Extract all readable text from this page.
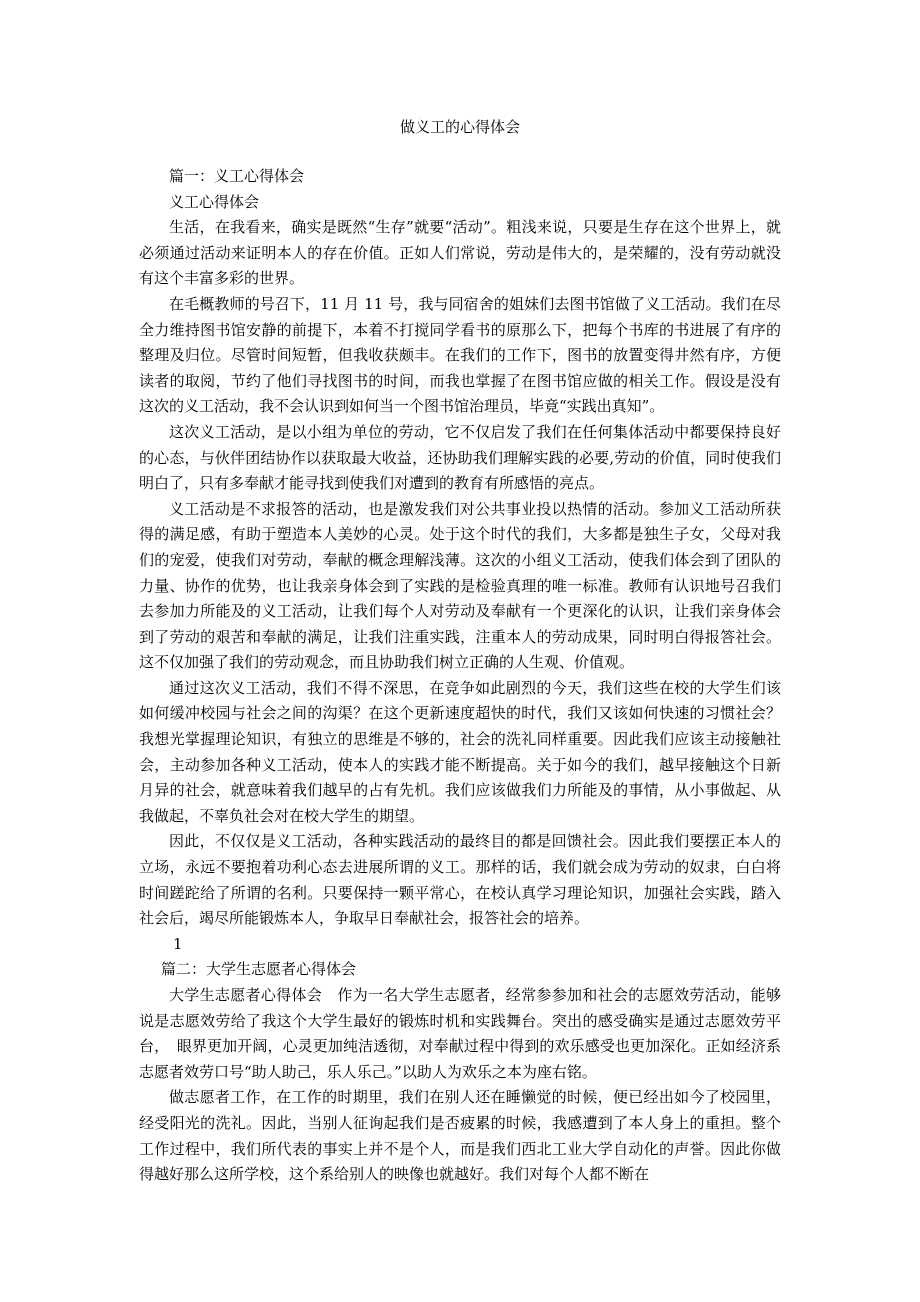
做义工的心得体会

篇一：义工心得体会

义工心得体会

生活，在我看来，确实是既然“生存”就要“活动”。粗浅来说，只要是生存在这个世界上，就必须通过活动来证明本人的存在价值。正如人们常说，劳动是伟大的，是荣耀的，没有劳动就没有这个丰富多彩的世界。

在毛概教师的号召下，11 月 11 号，我与同宿舍的姐妹们去图书馆做了义工活动。我们在尽全力维持图书馆安静的前提下，本着不打搅同学看书的原那么下，把每个书库的书进展了有序的整理及归位。尽管时间短暂，但我收获颇丰。在我们的工作下，图书的放置变得井然有序，方便读者的取阅，节约了他们寻找图书的时间，而我也掌握了在图书馆应做的相关工作。假设是没有这次的义工活动，我不会认识到如何当一个图书馆治理员，毕竟“实践出真知”。

这次义工活动，是以小组为单位的劳动，它不仅启发了我们在任何集体活动中都要保持良好的心态，与伙伴团结协作以获取最大收益，还协助我们理解实践的必要,劳动的价值，同时使我们明白了，只有多奉献才能寻找到使我们对遭到的教育有所感悟的亮点。

义工活动是不求报答的活动，也是激发我们对公共事业投以热情的活动。参加义工活动所获得的满足感，有助于塑造本人美妙的心灵。处于这个时代的我们，大多都是独生子女，父母对我们的宠爱，使我们对劳动，奉献的概念理解浅薄。这次的小组义工活动，使我们体会到了团队的力量、协作的优势，也让我亲身体会到了实践的是检验真理的唯一标准。教师有认识地号召我们去参加力所能及的义工活动，让我们每个人对劳动及奉献有一个更深化的认识，让我们亲身体会到了劳动的艰苦和奉献的满足，让我们注重实践，注重本人的劳动成果，同时明白得报答社会。这不仅加强了我们的劳动观念，而且协助我们树立正确的人生观、价值观。

通过这次义工活动，我们不得不深思，在竞争如此剧烈的今天，我们这些在校的大学生们该如何缓冲校园与社会之间的沟渠？在这个更新速度超快的时代，我们又该如何快速的习惯社会？我想光掌握理论知识，有独立的思维是不够的，社会的洗礼同样重要。因此我们应该主动接触社会，主动参加各种义工活动，使本人的实践才能不断提高。关于如今的我们，越早接触这个日新月异的社会，就意味着我们越早的占有先机。我们应该做我们力所能及的事情，从小事做起、从我做起，不辜负社会对在校大学生的期望。

因此，不仅仅是义工活动，各种实践活动的最终目的都是回馈社会。因此我们要摆正本人的立场，永远不要抱着功利心态去进展所谓的义工。那样的话，我们就会成为劳动的奴隶，白白将时间蹉跎给了所谓的名利。只要保持一颗平常心，在校认真学习理论知识，加强社会实践，踏入社会后，竭尽所能锻炼本人，争取早日奉献社会，报答社会的培养。

1

篇二：大学生志愿者心得体会

大学生志愿者心得体会　作为一名大学生志愿者，经常参参加和社会的志愿效劳活动，能够说是志愿效劳给了我这个大学生最好的锻炼时机和实践舞台。突出的感受确实是通过志愿效劳平台，　眼界更加开阔，心灵更加纯洁透彻，对奉献过程中得到的欢乐感受也更加深化。正如经济系志愿者效劳口号“助人助己，乐人乐己。”以助人为欢乐之本为座右铭。

做志愿者工作，在工作的时期里，我们在别人还在睡懒觉的时候，便已经出如今了校园里，经受阳光的洗礼。因此，当别人征询起我们是否疲累的时候，我感遭到了本人身上的重担。整个工作过程中，我们所代表的事实上并不是个人，而是我们西北工业大学自动化的声誉。因此你做得越好那么这所学校，这个系给别人的映像也就越好。我们对每个人都不断在
